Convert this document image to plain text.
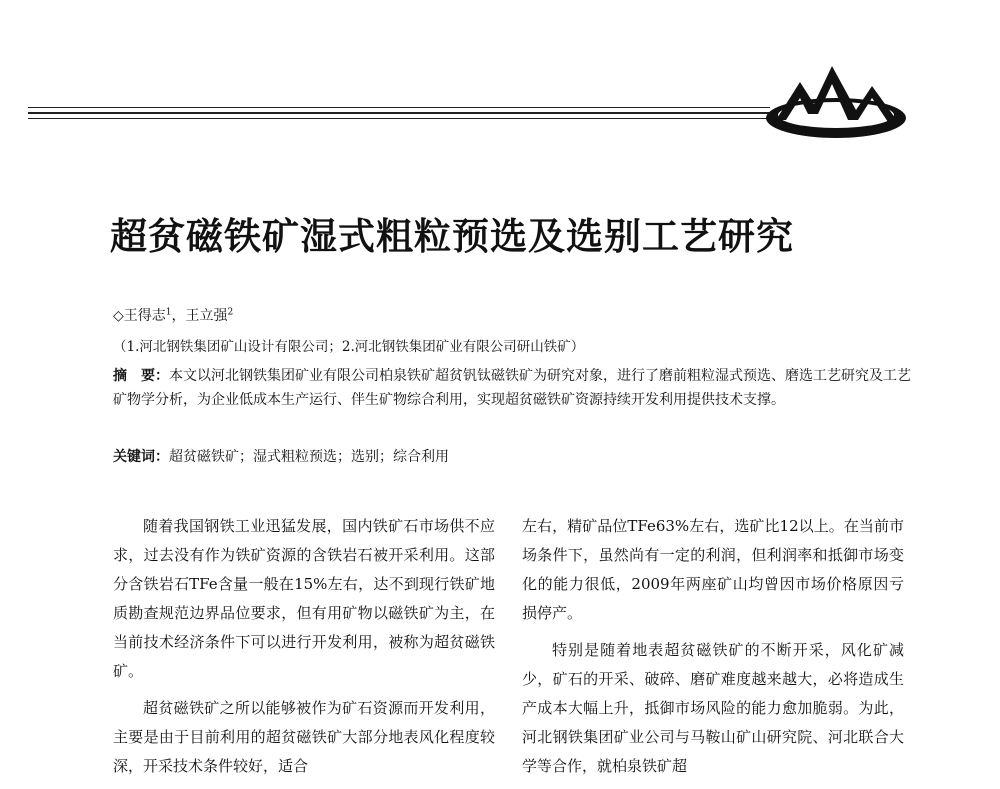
超贫磁铁矿湿式粗粒预选及选别工艺研究
◇王得志$^1$，王立强$^2$
（1.河北钢铁集团矿山设计有限公司；2.河北钢铁集团矿业有限公司研山铁矿）
摘　要：本文以河北钢铁集团矿业有限公司柏泉铁矿超贫钒钛磁铁矿为研究对象，进行了磨前粗粒湿式预选、磨选工艺研究及工艺矿物学分析，为企业低成本生产运行、伴生矿物综合利用，实现超贫磁铁矿资源持续开发利用提供技术支撑。
关键词：超贫磁铁矿；湿式粗粒预选；选别；综合利用

随着我国钢铁工业迅猛发展，国内铁矿石市场供不应求，过去没有作为铁矿资源的含铁岩石被开采利用。这部分含铁岩石TFe含量一般在15%左右，达不到现行铁矿地质勘查规范边界品位要求，但有用矿物以磁铁矿为主，在当前技术经济条件下可以进行开发利用，被称为超贫磁铁矿。

超贫磁铁矿之所以能够被作为矿石资源而开发利用，主要是由于目前利用的超贫磁铁矿大部分地表风化程度较深，开采技术条件较好，适合

左右，精矿品位TFe63%左右，选矿比12以上。在当前市场条件下，虽然尚有一定的利润，但利润率和抵御市场变化的能力很低，2009年两座矿山均曾因市场价格原因亏损停产。

特别是随着地表超贫磁铁矿的不断开采，风化矿减少，矿石的开采、破碎、磨矿难度越来越大，必将造成生产成本大幅上升，抵御市场风险的能力愈加脆弱。为此，河北钢铁集团矿业公司与马鞍山矿山研究院、河北联合大学等合作，就柏泉铁矿超
